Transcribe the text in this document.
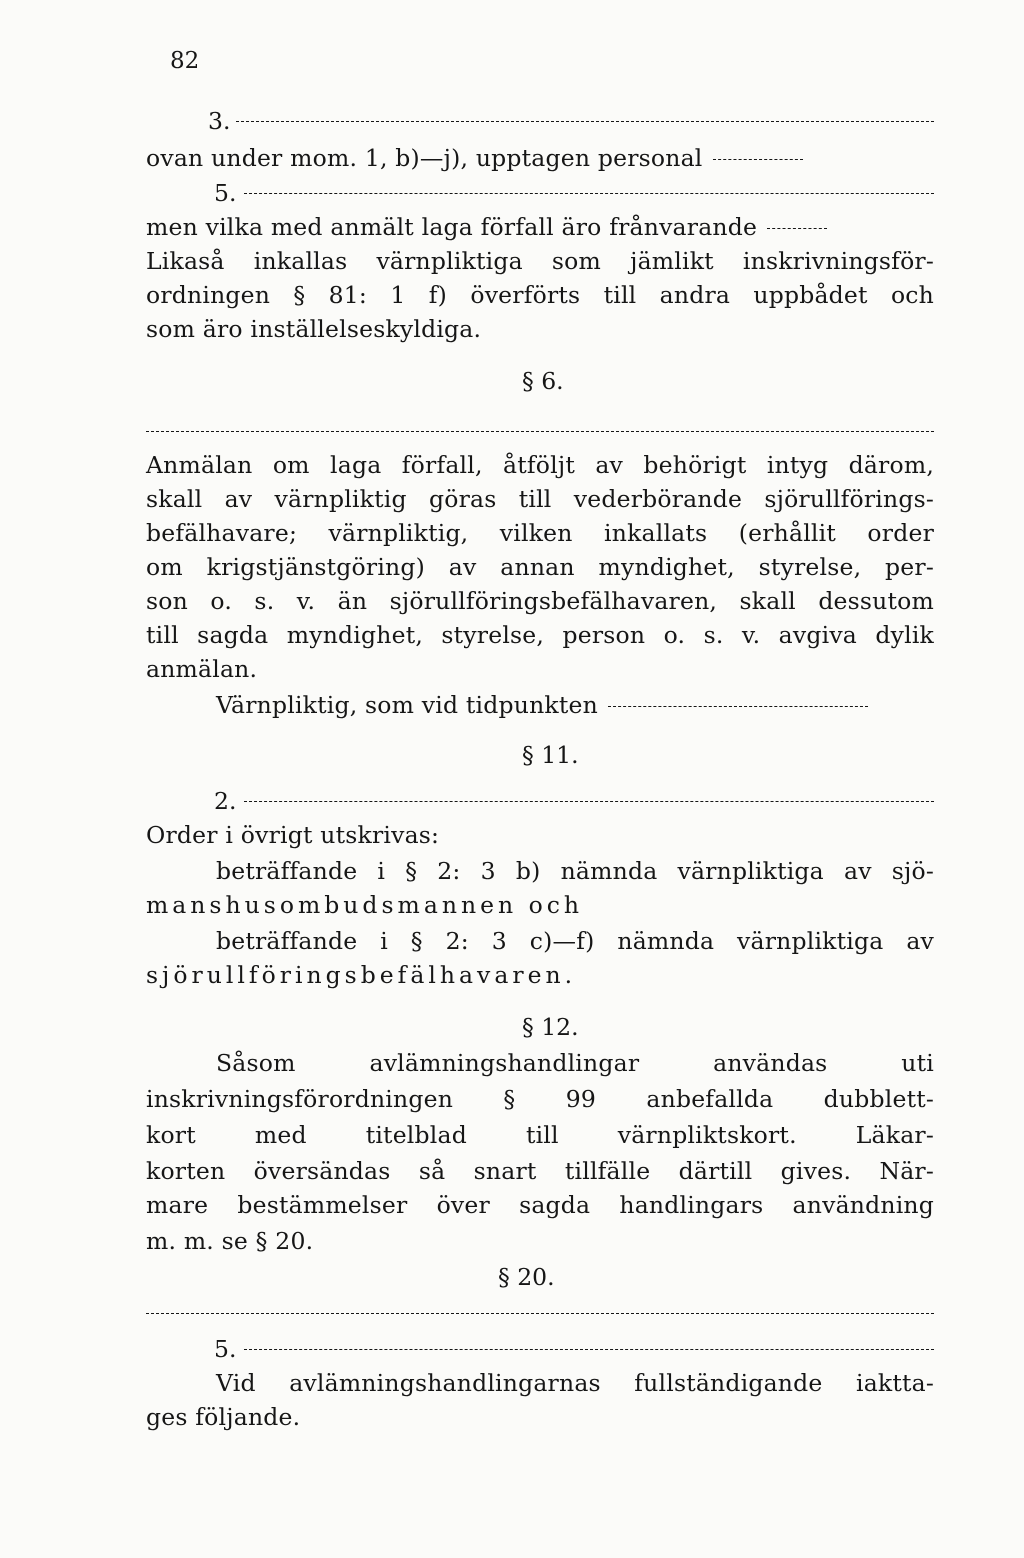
82
3.
ovan under mom. 1, b)—j), upptagen personal
5.
men vilka med anmält laga förfall äro frånvarande
Likaså inkallas värnpliktiga som jämlikt inskrivningsför-
ordningen § 81: 1 f) överförts till andra uppbådet och
som äro inställelseskyldiga.
§ 6.
Anmälan om laga förfall, åtföljt av behörigt intyg därom,
skall av värnpliktig göras till vederbörande sjörullförings-
befälhavare; värnpliktig, vilken inkallats (erhållit order
om krigstjänstgöring) av annan myndighet, styrelse, per-
son o. s. v. än sjörullföringsbefälhavaren, skall dessutom
till sagda myndighet, styrelse, person o. s. v. avgiva dylik
anmälan.
Värnpliktig, som vid tidpunkten
§ 11.
2.
Order i övrigt utskrivas:
beträffande i § 2: 3 b) nämnda värnpliktiga av sjö-
manshusombudsmannen och
beträffande i § 2: 3 c)—f) nämnda värnpliktiga av
sjörullföringsbefälhavaren.
§ 12.
Såsom avlämningshandlingar användas uti
inskrivningsförordningen § 99 anbefallda dubblett-
kort med titelblad till värnpliktskort. Läkar-
korten översändas så snart tillfälle därtill gives. När-
mare bestämmelser över sagda handlingars användning
m. m. se § 20.
§ 20.
5.
Vid avlämningshandlingarnas fullständigande iaktta-
ges följande.
